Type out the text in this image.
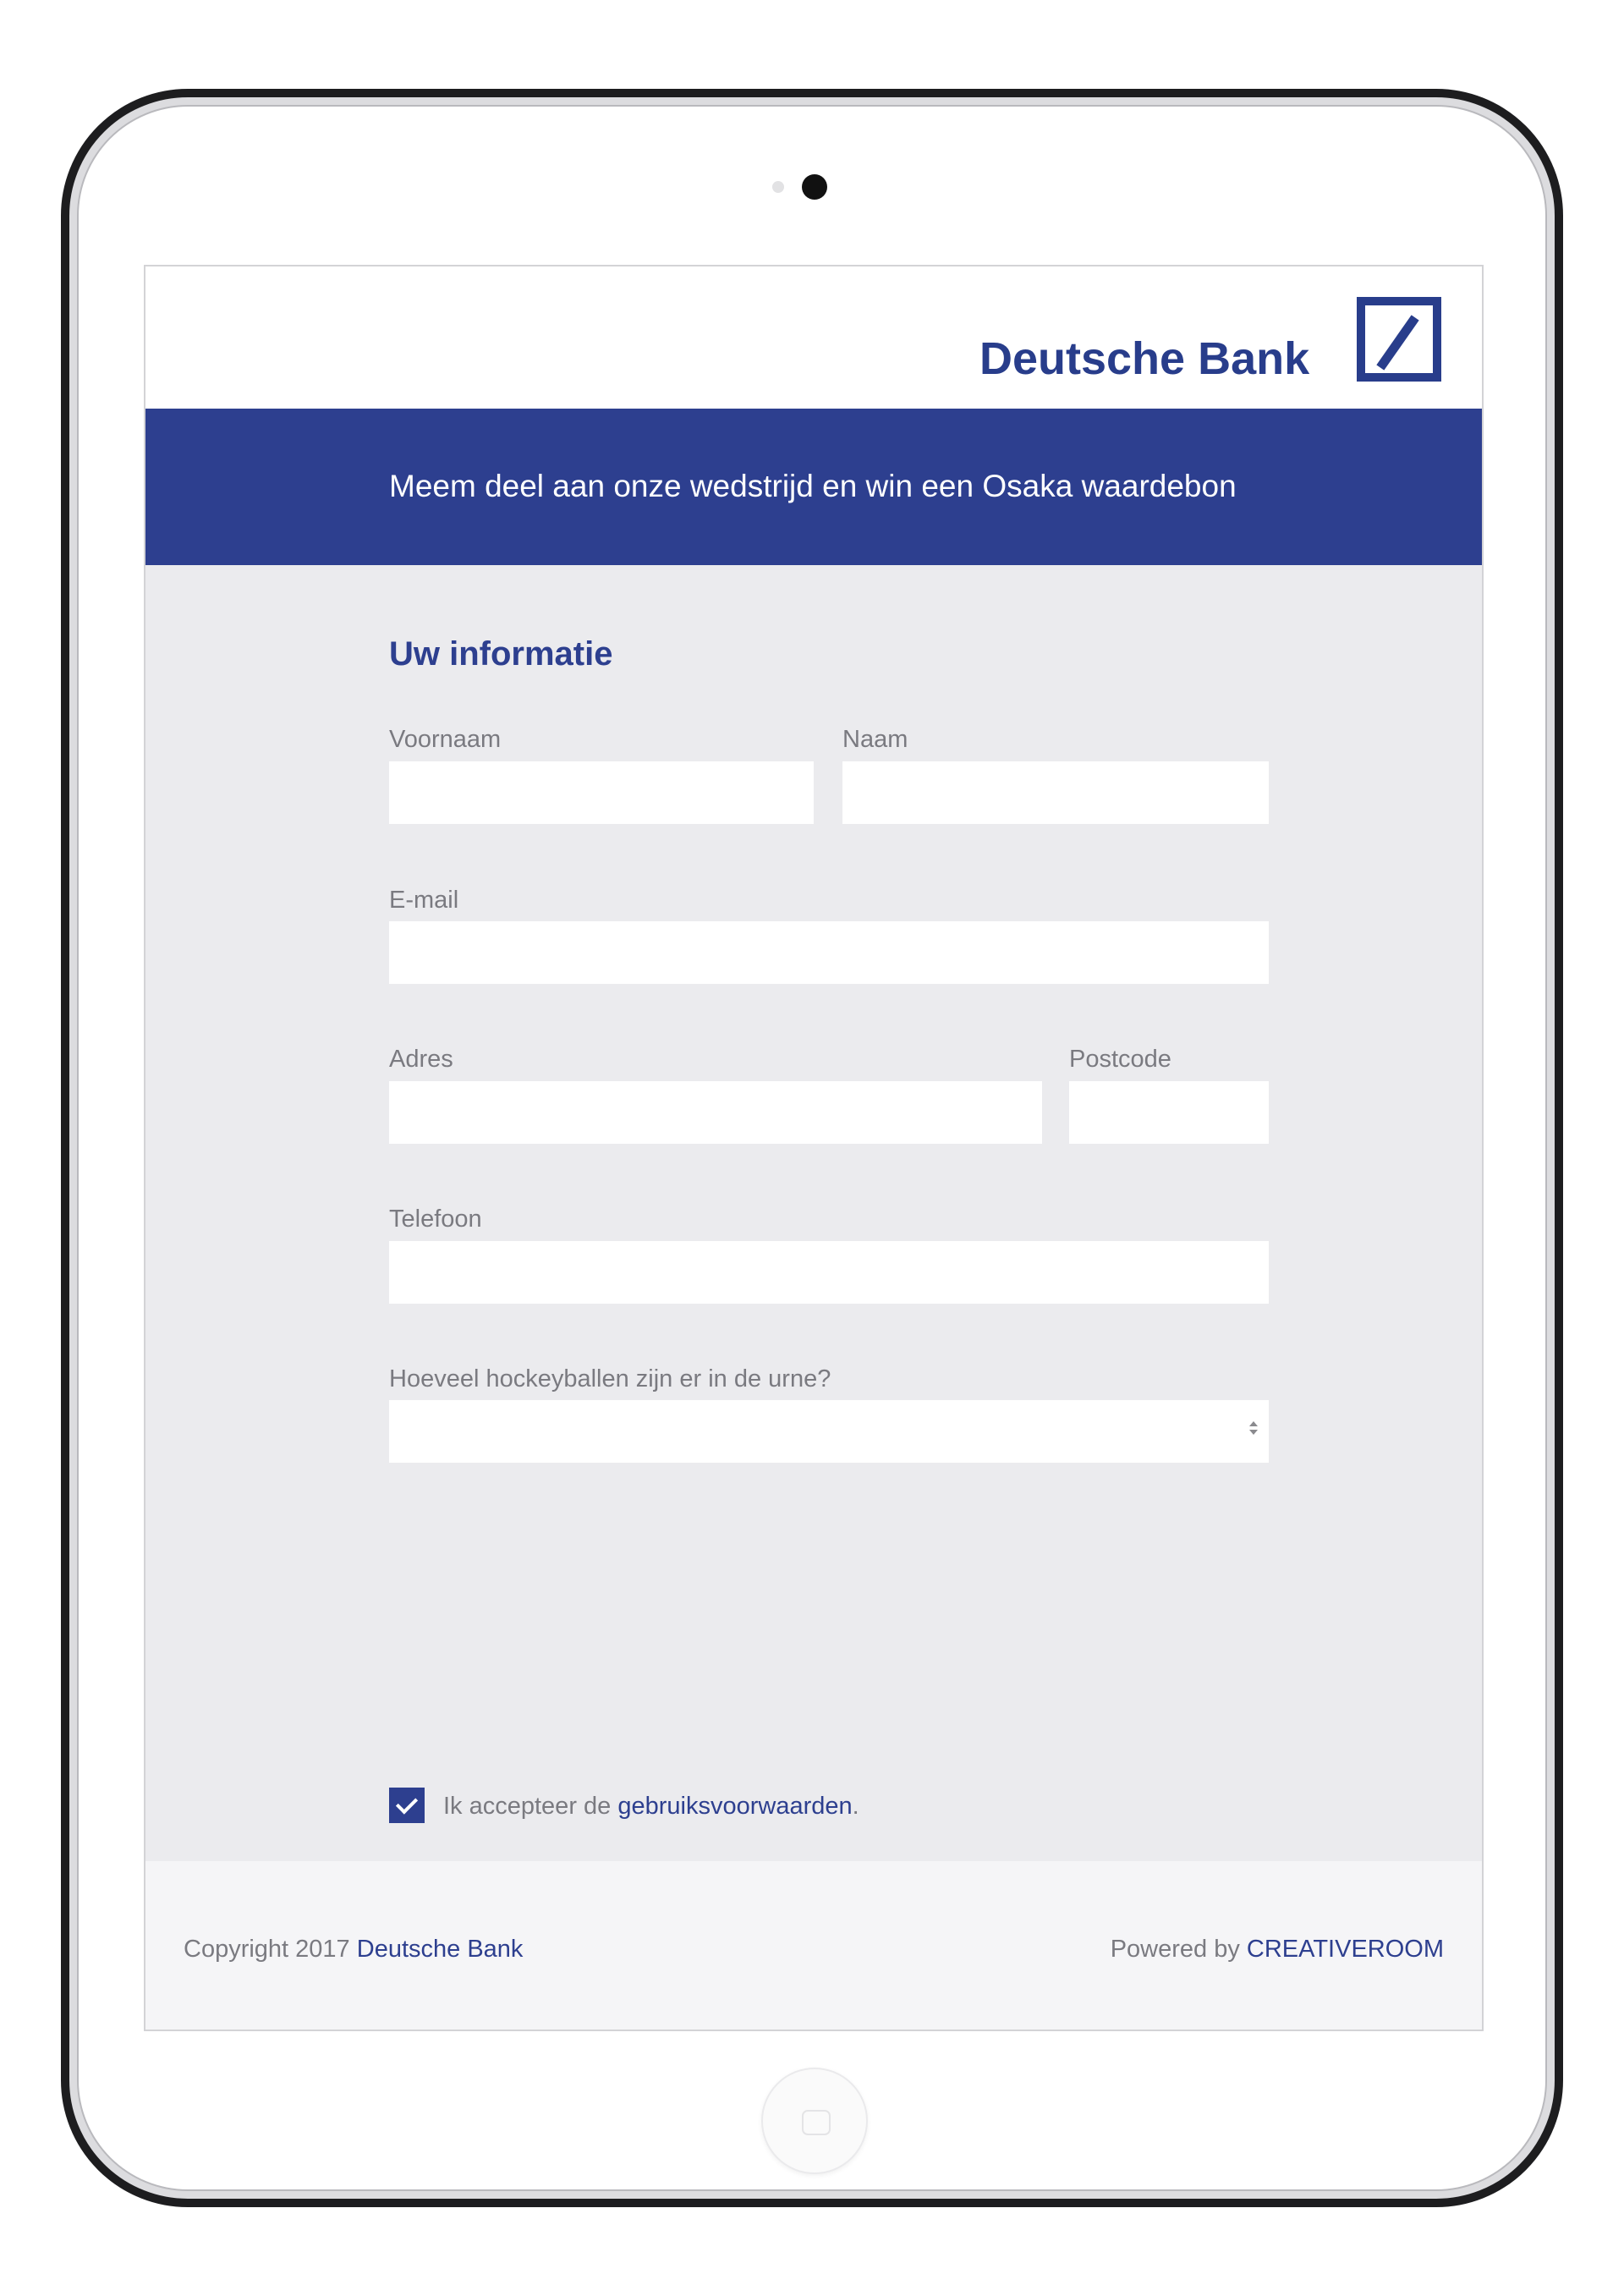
Deutsche Bank
Meem deel aan onze wedstrijd en win een Osaka waardebon
Uw informatie
Voornaam	Naam
E-mail
Adres	Postcode
Telefoon
Hoeveel hockeyballen zijn er in de urne?
Ik accepteer de gebruiksvoorwaarden.
Copyright 2017 Deutsche Bank	Powered by CREATIVEROOM
